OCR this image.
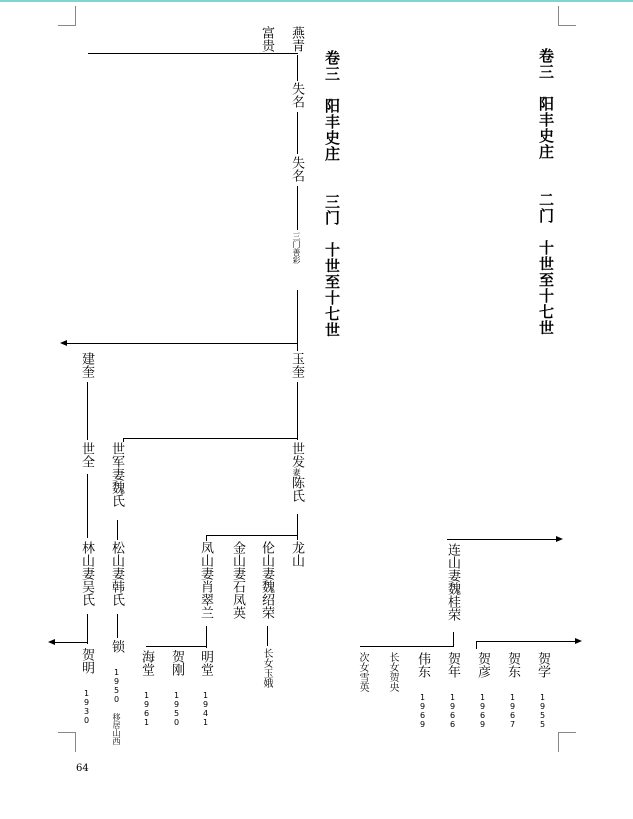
卷三　阳丰史庄　　二门　十世至十七世
卷三　阳丰史庄　　三门　十世至十七世
燕青
富贵
失名
失名
三门善彩
玉奎
世发妻陈氏
龙山
建奎
世全
林山妻吴氏
贺明 1930
世军妻魏氏
松山妻韩氏
锁 1950 移居山西
凤山妻肖翠兰
金山妻石凤英
伦山妻魏绍荣
长女玉娥
明堂 1941
贺刚 1950
海堂 1961
连山妻魏桂荣
贺年 1966
伟东 1969
长女贺央
次女雪英	贺彦 1969
贺东 1967
贺学 1955
64
